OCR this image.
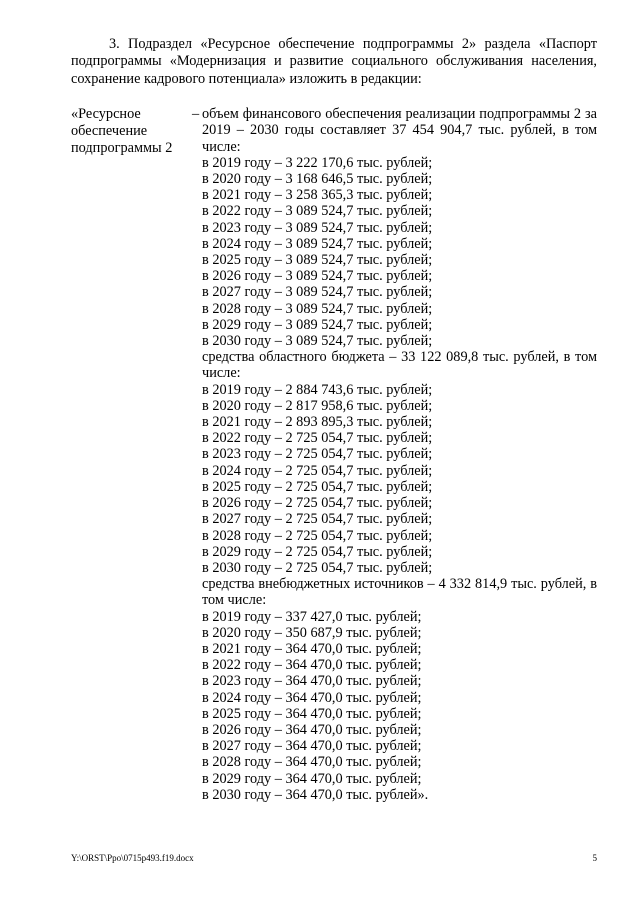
3. Подраздел «Ресурсное обеспечение подпрограммы 2» раздела «Паспорт подпрограммы «Модернизация и развитие социального обслуживания населения, сохранение кадрового потенциала» изложить в редакции:

«Ресурсное
обеспечение
подпрограммы 2
– объем финансового обеспечения реализации подпрограммы 2 за 2019 – 2030 годы составляет 37 454 904,7 тыс. рублей, в том числе:
в 2019 году – 3 222 170,6 тыс. рублей;
в 2020 году – 3 168 646,5 тыс. рублей;
в 2021 году – 3 258 365,3 тыс. рублей;
в 2022 году – 3 089 524,7 тыс. рублей;
в 2023 году – 3 089 524,7 тыс. рублей;
в 2024 году – 3 089 524,7 тыс. рублей;
в 2025 году – 3 089 524,7 тыс. рублей;
в 2026 году – 3 089 524,7 тыс. рублей;
в 2027 году – 3 089 524,7 тыс. рублей;
в 2028 году – 3 089 524,7 тыс. рублей;
в 2029 году – 3 089 524,7 тыс. рублей;
в 2030 году – 3 089 524,7 тыс. рублей;
средства областного бюджета – 33 122 089,8 тыс. рублей, в том числе:
в 2019 году – 2 884 743,6 тыс. рублей;
в 2020 году – 2 817 958,6 тыс. рублей;
в 2021 году – 2 893 895,3 тыс. рублей;
в 2022 году – 2 725 054,7 тыс. рублей;
в 2023 году – 2 725 054,7 тыс. рублей;
в 2024 году – 2 725 054,7 тыс. рублей;
в 2025 году – 2 725 054,7 тыс. рублей;
в 2026 году – 2 725 054,7 тыс. рублей;
в 2027 году – 2 725 054,7 тыс. рублей;
в 2028 году – 2 725 054,7 тыс. рублей;
в 2029 году – 2 725 054,7 тыс. рублей;
в 2030 году – 2 725 054,7 тыс. рублей;
средства внебюджетных источников – 4 332 814,9 тыс. рублей, в том числе:
в 2019 году – 337 427,0 тыс. рублей;
в 2020 году – 350 687,9 тыс. рублей;
в 2021 году – 364 470,0 тыс. рублей;
в 2022 году – 364 470,0 тыс. рублей;
в 2023 году – 364 470,0 тыс. рублей;
в 2024 году – 364 470,0 тыс. рублей;
в 2025 году – 364 470,0 тыс. рублей;
в 2026 году – 364 470,0 тыс. рублей;
в 2027 году – 364 470,0 тыс. рублей;
в 2028 году – 364 470,0 тыс. рублей;
в 2029 году – 364 470,0 тыс. рублей;
в 2030 году – 364 470,0 тыс. рублей».
Y:\ORST\Ppo\0715p493.f19.docx	5
